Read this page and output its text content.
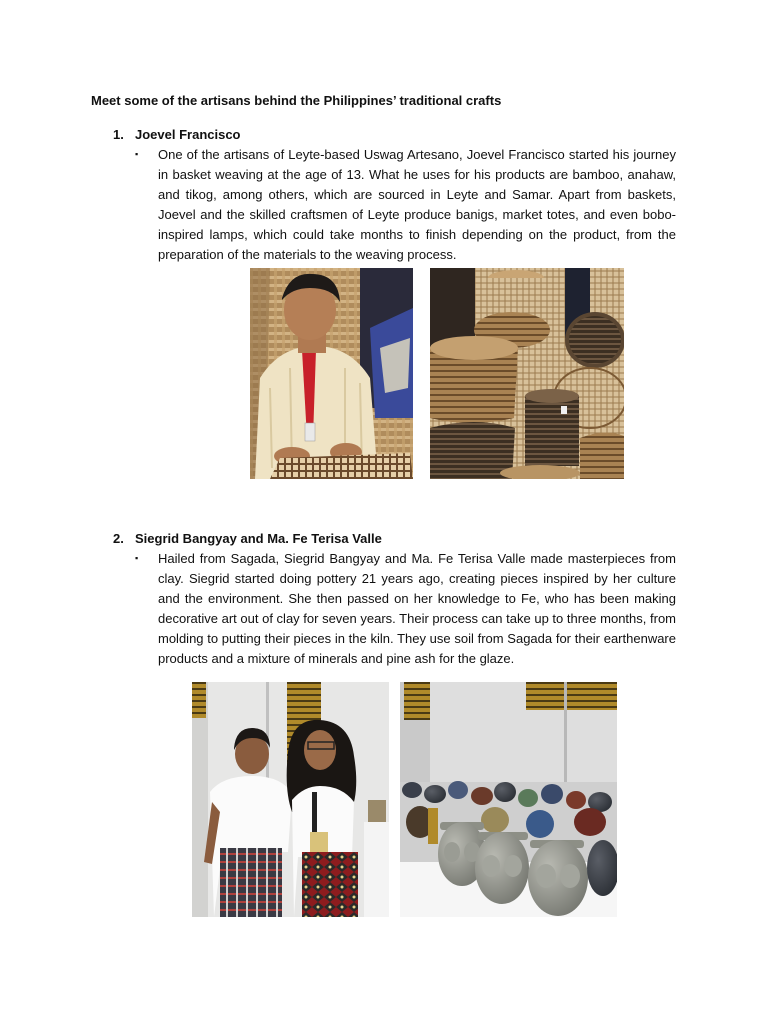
Meet some of the artisans behind the Philippines’ traditional crafts
1. Joevel Francisco
▪ One of the artisans of Leyte-based Uswag Artesano, Joevel Francisco started his journey in basket weaving at the age of 13. What he uses for his products are bamboo, anahaw, and tikog, among others, which are sourced in Leyte and Samar. Apart from baskets, Joevel and the skilled craftsmen of Leyte produce banigs, market totes, and even bobo-inspired lamps, which could take months to finish depending on the product, from the preparation of the materials to the weaving process.
2. Siegrid Bangyay and Ma. Fe Terisa Valle
▪ Hailed from Sagada, Siegrid Bangyay and Ma. Fe Terisa Valle made masterpieces from clay. Siegrid started doing pottery 21 years ago, creating pieces inspired by her culture and the environment. She then passed on her knowledge to Fe, who has been making decorative art out of clay for seven years. Their process can take up to three months, from molding to putting their pieces in the kiln. They use soil from Sagada for their earthenware products and a mixture of minerals and pine ash for the glaze.
